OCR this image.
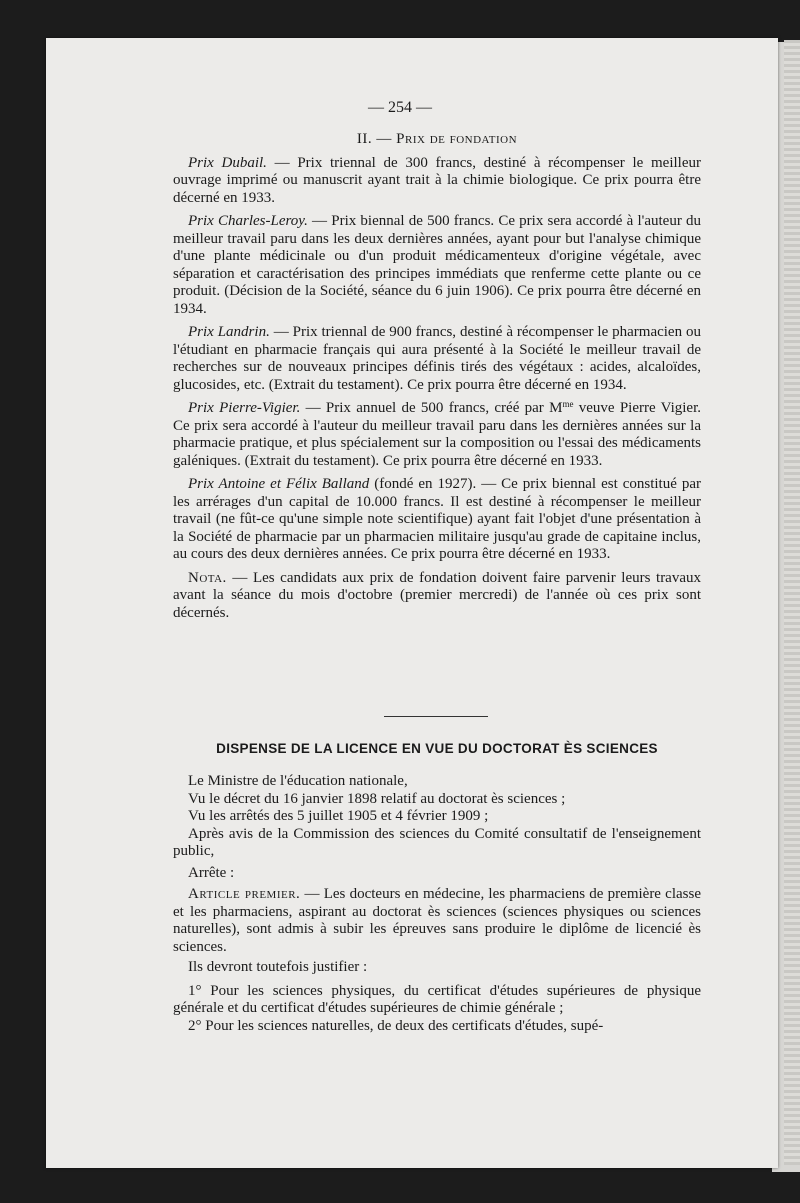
— 254 —

II. — Prix de fondation

Prix Dubail. — Prix triennal de 300 francs, destiné à récompenser le meilleur ouvrage imprimé ou manuscrit ayant trait à la chimie biologique. Ce prix pourra être décerné en 1933.

Prix Charles-Leroy. — Prix biennal de 500 francs. Ce prix sera accordé à l'auteur du meilleur travail paru dans les deux dernières années, ayant pour but l'analyse chimique d'une plante médicinale ou d'un produit médicamenteux d'origine végétale, avec séparation et caractérisation des principes immédiats que renferme cette plante ou ce produit. (Décision de la Société, séance du 6 juin 1906). Ce prix pourra être décerné en 1934.

Prix Landrin. — Prix triennal de 900 francs, destiné à récompenser le pharmacien ou l'étudiant en pharmacie français qui aura présenté à la Société le meilleur travail de recherches sur de nouveaux principes définis tirés des végétaux : acides, alcaloïdes, glucosides, etc. (Extrait du testament). Ce prix pourra être décerné en 1934.

Prix Pierre-Vigier. — Prix annuel de 500 francs, créé par $M^{me}$ veuve Pierre Vigier. Ce prix sera accordé à l'auteur du meilleur travail paru dans les dernières années sur la pharmacie pratique, et plus spécialement sur la composition ou l'essai des médicaments galéniques. (Extrait du testament). Ce prix pourra être décerné en 1933.

Prix Antoine et Félix Balland (fondé en 1927). — Ce prix biennal est constitué par les arrérages d'un capital de 10.000 francs. Il est destiné à récompenser le meilleur travail (ne fût-ce qu'une simple note scientifique) ayant fait l'objet d'une présentation à la Société de pharmacie par un pharmacien militaire jusqu'au grade de capitaine inclus, au cours des deux dernières années. Ce prix pourra être décerné en 1933.

Nota. — Les candidats aux prix de fondation doivent faire parvenir leurs travaux avant la séance du mois d'octobre (premier mercredi) de l'année où ces prix sont décernés.

DISPENSE DE LA LICENCE EN VUE DU DOCTORAT ÈS SCIENCES

Le Ministre de l'éducation nationale,

Vu le décret du 16 janvier 1898 relatif au doctorat ès sciences ;

Vu les arrêtés des 5 juillet 1905 et 4 février 1909 ;

Après avis de la Commission des sciences du Comité consultatif de l'enseignement public,

Arrête :

Article premier. — Les docteurs en médecine, les pharmaciens de première classe et les pharmaciens, aspirant au doctorat ès sciences (sciences physiques ou sciences naturelles), sont admis à subir les épreuves sans produire le diplôme de licencié ès sciences.

Ils devront toutefois justifier :

1° Pour les sciences physiques, du certificat d'études supérieures de physique générale et du certificat d'études supérieures de chimie générale ;

2° Pour les sciences naturelles, de deux des certificats d'études, supé-
